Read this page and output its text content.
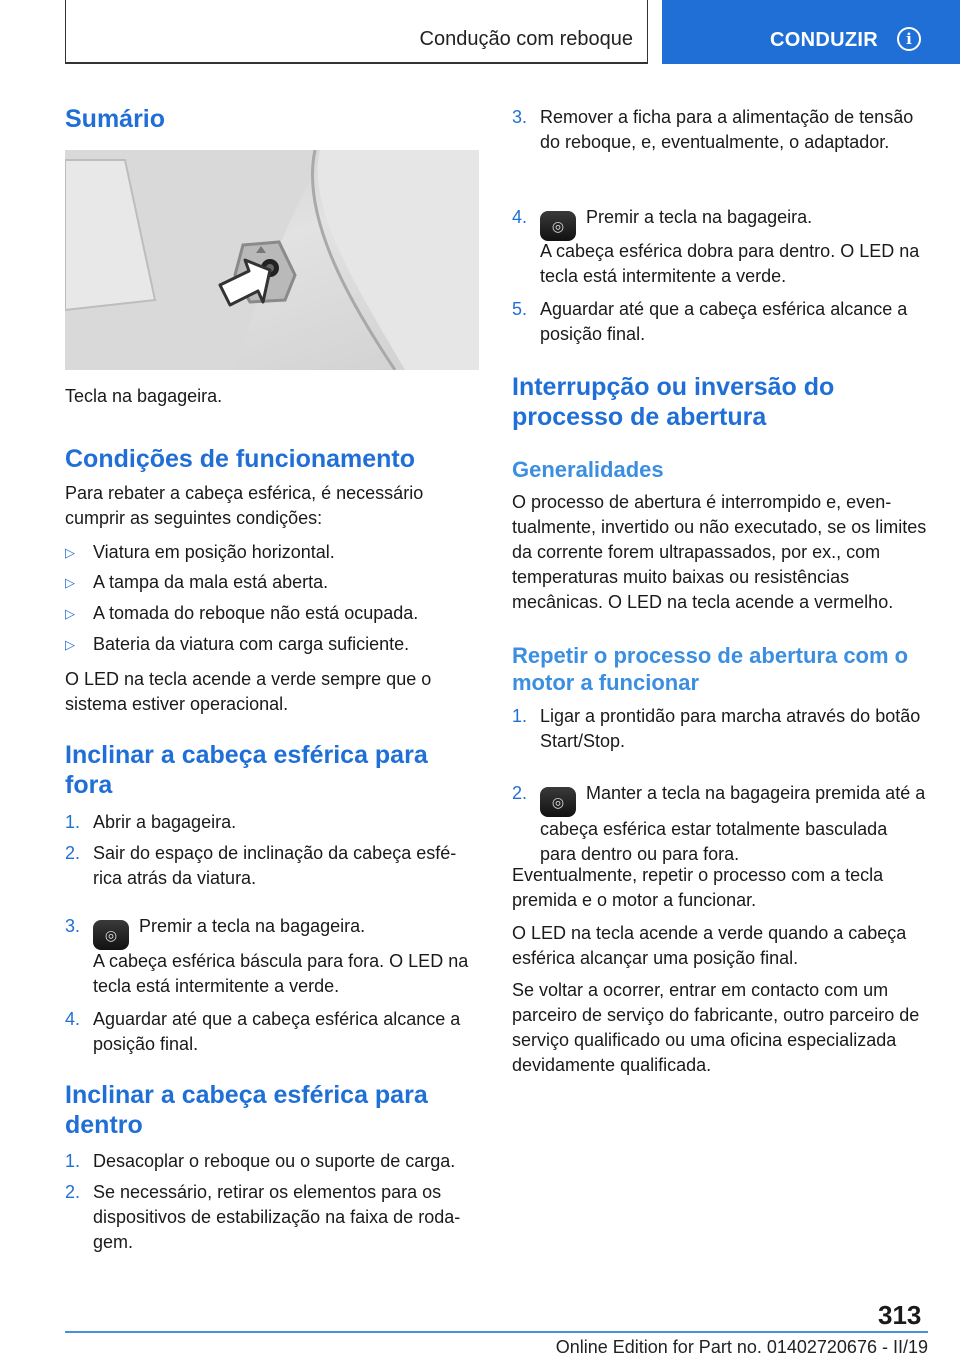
Condução com reboque	CONDUZIR	i
Sumário
Tecla na bagageira.
Condições de funcionamento
Para rebater a cabeça esférica, é necessário cumprir as seguintes condições:
▷ Viatura em posição horizontal.
▷ A tampa da mala está aberta.
▷ A tomada do reboque não está ocupada.
▷ Bateria da viatura com carga suficiente.
O LED na tecla acende a verde sempre que o sistema estiver operacional.
Inclinar a cabeça esférica para fora
1. Abrir a bagageira.
2. Sair do espaço de inclinação da cabeça esférica atrás da viatura.
3. ◎ Premir a tecla na bagageira.
A cabeça esférica báscula para fora. O LED na tecla está intermitente a verde.
4. Aguardar até que a cabeça esférica alcance a posição final.
Inclinar a cabeça esférica para dentro
1. Desacoplar o reboque ou o suporte de carga.
2. Se necessário, retirar os elementos para os dispositivos de estabilização na faixa de rodagem.
3. Remover a ficha para a alimentação de tensão do reboque, e, eventualmente, o adaptador.
4. ◎ Premir a tecla na bagageira.
A cabeça esférica dobra para dentro. O LED na tecla está intermitente a verde.
5. Aguardar até que a cabeça esférica alcance a posição final.
Interrupção ou inversão do processo de abertura
Generalidades
O processo de abertura é interrompido e, eventualmente, invertido ou não executado, se os limites da corrente forem ultrapassados, por ex., com temperaturas muito baixas ou resistências mecânicas. O LED na tecla acende a vermelho.
Repetir o processo de abertura com o motor a funcionar
1. Ligar a prontidão para marcha através do botão Start/Stop.
2. ◎ Manter a tecla na bagageira premida até a cabeça esférica estar totalmente basculada para dentro ou para fora.
Eventualmente, repetir o processo com a tecla premida e o motor a funcionar.
O LED na tecla acende a verde quando a cabeça esférica alcançar uma posição final.
Se voltar a ocorrer, entrar em contacto com um parceiro de serviço do fabricante, outro parceiro de serviço qualificado ou uma oficina especializada devidamente qualificada.
313
Online Edition for Part no. 01402720676 - II/19
